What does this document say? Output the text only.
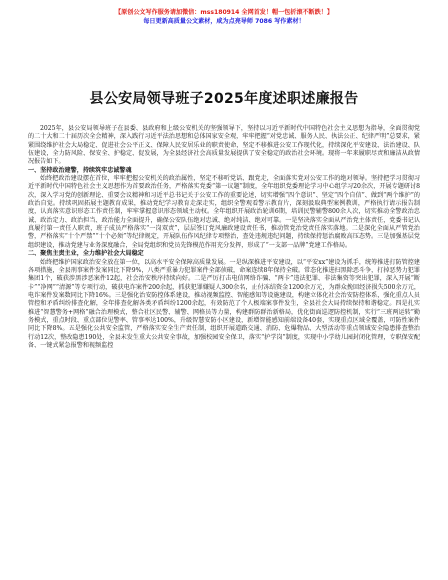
【原创公文写作服务请加微信：mss180914 全网首发！帽一包折滚不断跌！】
每日更新高质量公文素材，咸为点亮导师 7086 写作素材！
县公安局领导班子2025年度述职述廉报告

2025年，县公安局领导班子在县委、县政府和上级公安机关的坚强领导下，坚持以习近平新时代中国特色社会主义思想为指导，全面贯彻党的二十大和二十届历次全会精神，深入践行习近平法治思想和总体国家安全观，牢牢把握“对党忠诚、服务人民、执法公正、纪律严明”总要求，紧紧围绕维护社会大局稳定、促进社会公平正义、保障人民安居乐业的职责使命，坚定不移推进公安工作现代化，持续深化平安建设、法治建设、队伍建设，全力防风险、保安全、护稳定、促发展，为全县经济社会高质量发展提供了安全稳定的政治社会环境。现将一年来履职尽责和廉洁从政情况报告如下。

一、坚持政治建警，持续筑牢忠诚警魂

始终把政治建设摆在首位，牢牢把握公安机关的政治属性，坚定不移听党话、跟党走，全面落实党对公安工作的绝对领导。坚持把学习贯彻习近平新时代中国特色社会主义思想作为首要政治任务，严格落实党委“第一议题”制度，全年组织党委理论学习中心组学习20余次，开展专题研讨8次，深入学习党的创新理论、重要会议精神和习近平总书记关于公安工作的重要论述，切实增强“四个意识”、坚定“四个自信”、做到“两个维护”的政治自觉。持续巩固拓展主题教育成果，推动党纪学习教育走深走实，组织全警观看警示教育片，深刻汲取典型案例教训，严格执行请示报告制度，认真落实意识形态工作责任制，牢牢掌握意识形态领域主动权。全年组织开展政治轮训6期，培训民警辅警800余人次，切实推动全警政治忠诚、政治定力、政治担当、政治能力全面提升，确保公安队伍绝对忠诚、绝对纯洁、绝对可靠。一是坚决落实全面从严治党主体责任，党委书记认真履行第一责任人职责，班子成员严格落实“一岗双责”，层层签订党风廉政建设责任书，推动管党治党责任落实落地。二是深化全面从严管党治警，严格落实“十个严禁”“十个必须”等纪律规定，开展队伍作风纪律专项整治，查处违规违纪问题，持续保持惩治腐败高压态势。三是加强基层党组织建设，推动党建与业务深度融合，全局党组织和党员先锋模范作用充分发挥，形成了“一支部一品牌”党建工作格局。

二、聚焦主责主业，全力维护社会大局稳定

始终把维护国家政治安全放在第一位，以高水平安全保障高质量发展。一是纵深推进平安建设，以“平安xx”建设为抓手，统筹推进打防管控建各项措施，全县刑事案件发案同比下降9%，八类严重暴力犯罪案件全部侦破，命案连续8年保持全破。常态化推进扫黑除恶斗争，打掉恶势力犯罪集团1个，破获涉黑涉恶案件12起，社会治安秩序持续向好。二是严厉打击电信网络诈骗、“两卡”违法犯罪、非法集资等突出犯罪，深入开展“断卡”“净网”“清源”等专项行动，破获电诈案件200余起，抓获犯罪嫌疑人300余名，止付冻结资金1200余万元，为群众挽回经济损失500余万元，电诈案件发案数同比下降16%。三是强化治安防控体系建设，推动视频监控、智能感知等设施建设，构建立体化社会治安防控体系，强化重点人员管控和矛盾纠纷排查化解，全年排查化解各类矛盾纠纷1200余起，有效防范了个人极端案事件发生，全县社会大局持续保持和谐稳定。四是扎实推进“智慧警务+网格”融合治理模式，整合社区民警、辅警、网格员等力量，构建群防群治新格局，优化街面巡逻防控机制，实行“三班两运转”勤务模式，重点时段、重点部位见警率、管事率达100%，升级智慧安防小区建设，新增智能感知前端设备40套，实现重点区域全覆盖，可防性案件同比下降8%。五是强化公共安全监管，严格落实安全生产责任制，组织开展道路交通、消防、危爆物品、大型活动等重点领域安全隐患排查整治行动12次，整改隐患190处，全县未发生重大公共安全事故，加强校园安全保卫，落实“护学岗”制度，实现中小学幼儿园封闭化管理，专职保安配备、一键式紧急报警和视频监控
